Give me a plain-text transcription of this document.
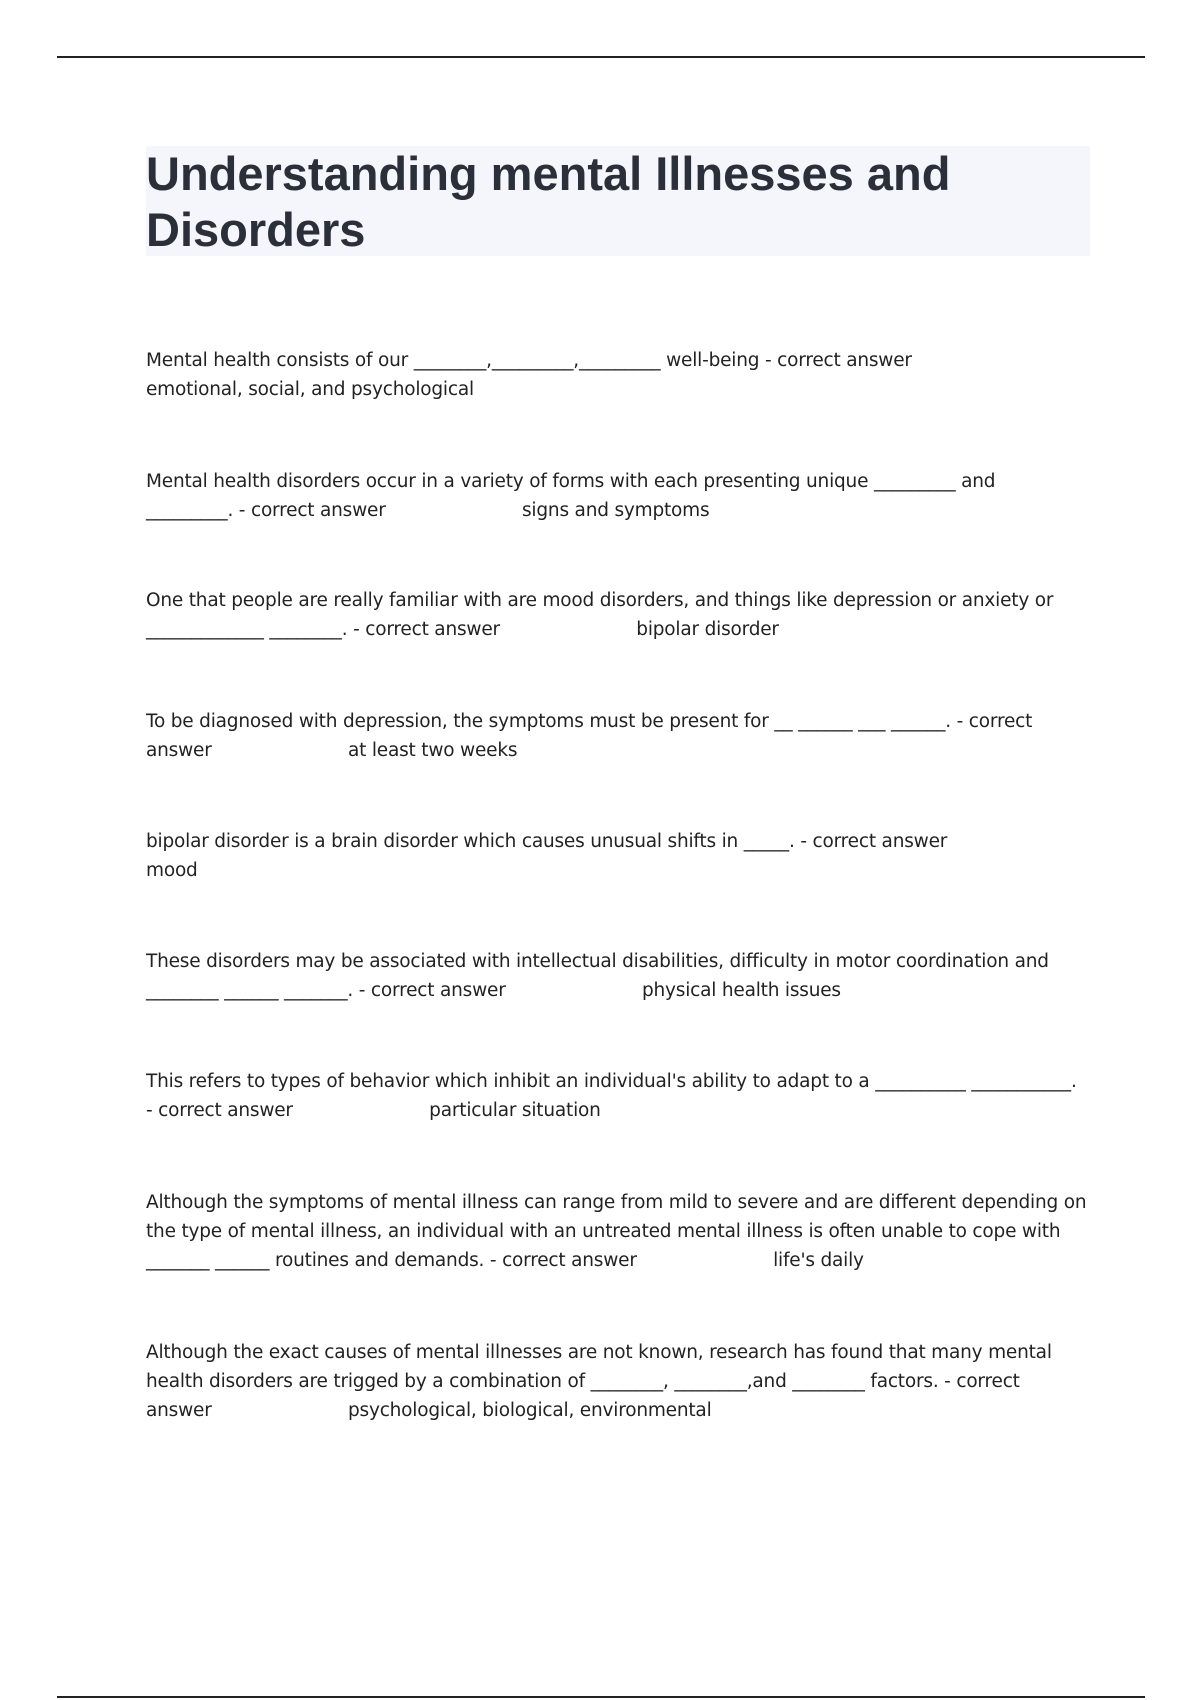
Understanding mental Illnesses and Disorders
Mental health consists of our ________,_________,_________ well-being - correct answer
emotional, social, and psychological
Mental health disorders occur in a variety of forms with each presenting unique _________ and
_________. - correct answer                        signs and symptoms
One that people are really familiar with are mood disorders, and things like depression or anxiety or
_____________ ________. - correct answer                        bipolar disorder
To be diagnosed with depression, the symptoms must be present for __ ______ ___ ______. - correct
answer                        at least two weeks
bipolar disorder is a brain disorder which causes unusual shifts in _____. - correct answer
mood
These disorders may be associated with intellectual disabilities, difficulty in motor coordination and
________ ______ _______. - correct answer                        physical health issues
This refers to types of behavior which inhibit an individual's ability to adapt to a __________ ___________.
- correct answer                        particular situation
Although the symptoms of mental illness can range from mild to severe and are different depending on
the type of mental illness, an individual with an untreated mental illness is often unable to cope with
_______ ______ routines and demands. - correct answer                        life's daily
Although the exact causes of mental illnesses are not known, research has found that many mental
health disorders are trigged by a combination of ________, ________,and ________ factors. - correct
answer                        psychological, biological, environmental
